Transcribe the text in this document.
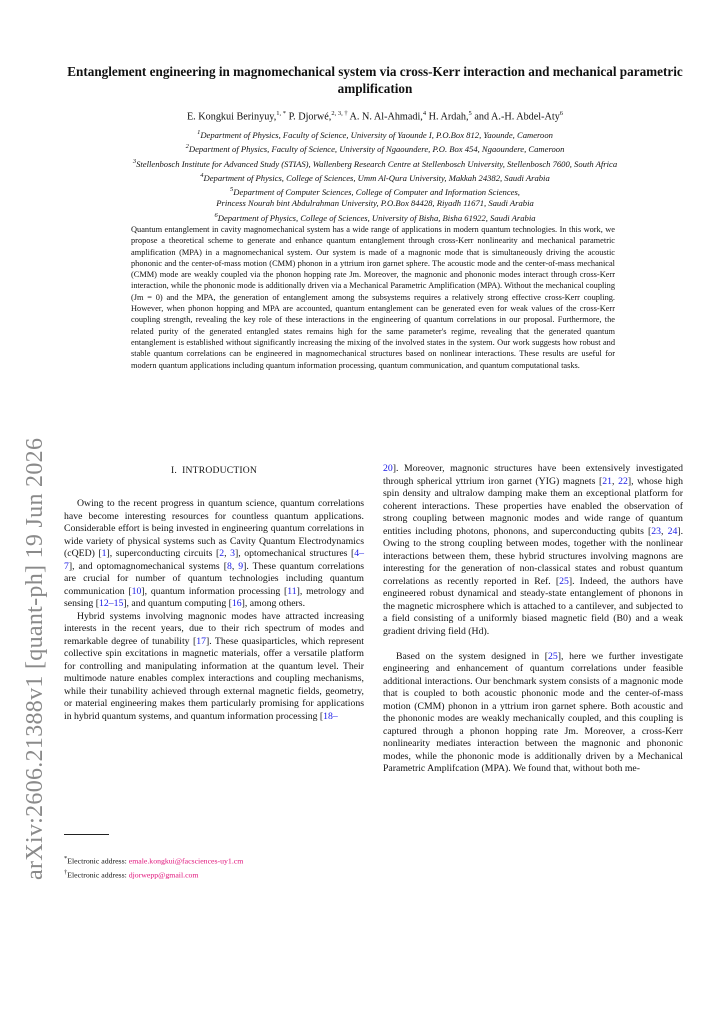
arXiv:2606.21388v1 [quant-ph] 19 Jun 2026
Entanglement engineering in magnomechanical system via cross-Kerr interaction and mechanical parametric amplification
E. Kongkui Berinyuy,$^{1, *}$ P. Djorwé,$^{2, 3, \dagger}$ A. N. Al-Ahmadi,$^4$ H. Ardah,$^5$ and A.-H. Abdel-Aty$^6$
$^1$Department of Physics, Faculty of Science, University of Yaounde I, P.O.Box 812, Yaounde, Cameroon
$^2$Department of Physics, Faculty of Science, University of Ngaoundere, P.O. Box 454, Ngaoundere, Cameroon
$^3$Stellenbosch Institute for Advanced Study (STIAS), Wallenberg Research Centre at Stellenbosch University, Stellenbosch 7600, South Africa
$^4$Department of Physics, College of Sciences, Umm Al-Qura University, Makkah 24382, Saudi Arabia
$^5$Department of Computer Sciences, College of Computer and Information Sciences,
Princess Nourah bint Abdulrahman University, P.O.Box 84428, Riyadh 11671, Saudi Arabia
$^6$Department of Physics, College of Sciences, University of Bisha, Bisha 61922, Saudi Arabia
Quantum entanglement in cavity magnomechanical system has a wide range of applications in modern quantum technologies. In this work, we propose a theoretical scheme to generate and enhance quantum entanglement through cross-Kerr nonlinearity and mechanical parametric amplification (MPA) in a magnomechanical system. Our system is made of a magnonic mode that is simultaneously driving the acoustic phononic and the center-of-mass motion (CMM) phonon in a yttrium iron garnet sphere. The acoustic mode and the center-of-mass mechanical (CMM) mode are weakly coupled via the phonon hopping rate Jm. Moreover, the magnonic and phononic modes interact through cross-Kerr interaction, while the phononic mode is additionally driven via a Mechanical Parametric Amplification (MPA). Without the mechanical coupling (Jm = 0) and the MPA, the generation of entanglement among the subsystems requires a relatively strong effective cross-Kerr coupling. However, when phonon hopping and MPA are accounted, quantum entanglement can be generated even for weak values of the cross-Kerr coupling strength, revealing the key role of these interactions in the engineering of quantum correlations in our proposal. Furthermore, the related purity of the generated entangled states remains high for the same parameter's regime, revealing that the generated quantum entanglement is established without significantly increasing the mixing of the involved states in the system. Our work suggests how robust and stable quantum correlations can be engineered in magnomechanical structures based on nonlinear interactions. These results are useful for modern quantum applications including quantum information processing, quantum communication, and quantum computational tasks.
I. INTRODUCTION

Owing to the recent progress in quantum science, quantum correlations have become interesting resources for countless quantum applications. Considerable effort is being invested in engineering quantum correlations in wide variety of physical systems such as Cavity Quantum Electrodynamics (cQED) [1], superconducting circuits [2, 3], optomechanical structures [4–7], and optomagnomechanical systems [8, 9]. These quantum correlations are crucial for number of quantum technologies including quantum communication [10], quantum information processing [11], metrology and sensing [12–15], and quantum computing [16], among others.

Hybrid systems involving magnonic modes have attracted increasing interests in the recent years, due to their rich spectrum of modes and remarkable degree of tunability [17]. These quasiparticles, which represent collective spin excitations in magnetic materials, offer a versatile platform for controlling and manipulating information at the quantum level. Their multimode nature enables complex interactions and coupling mechanisms, while their tunability achieved through external magnetic fields, geometry, or material engineering makes them particularly promising for applications in hybrid quantum systems, and quantum information processing [18–

20]. Moreover, magnonic structures have been extensively investigated through spherical yttrium iron garnet (YIG) magnets [21, 22], whose high spin density and ultralow damping make them an exceptional platform for coherent interactions. These properties have enabled the observation of strong coupling between magnonic modes and wide range of quantum entities including photons, phonons, and superconducting qubits [23, 24]. Owing to the strong coupling between modes, together with the nonlinear interactions between them, these hybrid structures involving magnons are interesting for the generation of non-classical states and robust quantum correlations as recently reported in Ref. [25]. Indeed, the authors have engineered robust dynamical and steady-state entanglement of phonons in the magnetic microsphere which is attached to a cantilever, and subjected to a field consisting of a uniformly biased magnetic field (B0) and a weak gradient driving field (Hd).

Based on the system designed in [25], here we further investigate engineering and enhancement of quantum correlations under feasible additional interactions. Our benchmark system consists of a magnonic mode that is coupled to both acoustic phononic mode and the center-of-mass motion (CMM) phonon in a yttrium iron garnet sphere. Both acoustic and the phononic modes are weakly mechanically coupled, and this coupling is captured through a phonon hopping rate Jm. Moreover, a cross-Kerr nonlinearity mediates interaction between the magnonic and phononic modes, while the phononic mode is additionally driven by a Mechanical Parametric Amplifcation (MPA). We found that, without both me-

*Electronic address: emale.kongkui@facsciences-uy1.cm
†Electronic address: djorwepp@gmail.com
